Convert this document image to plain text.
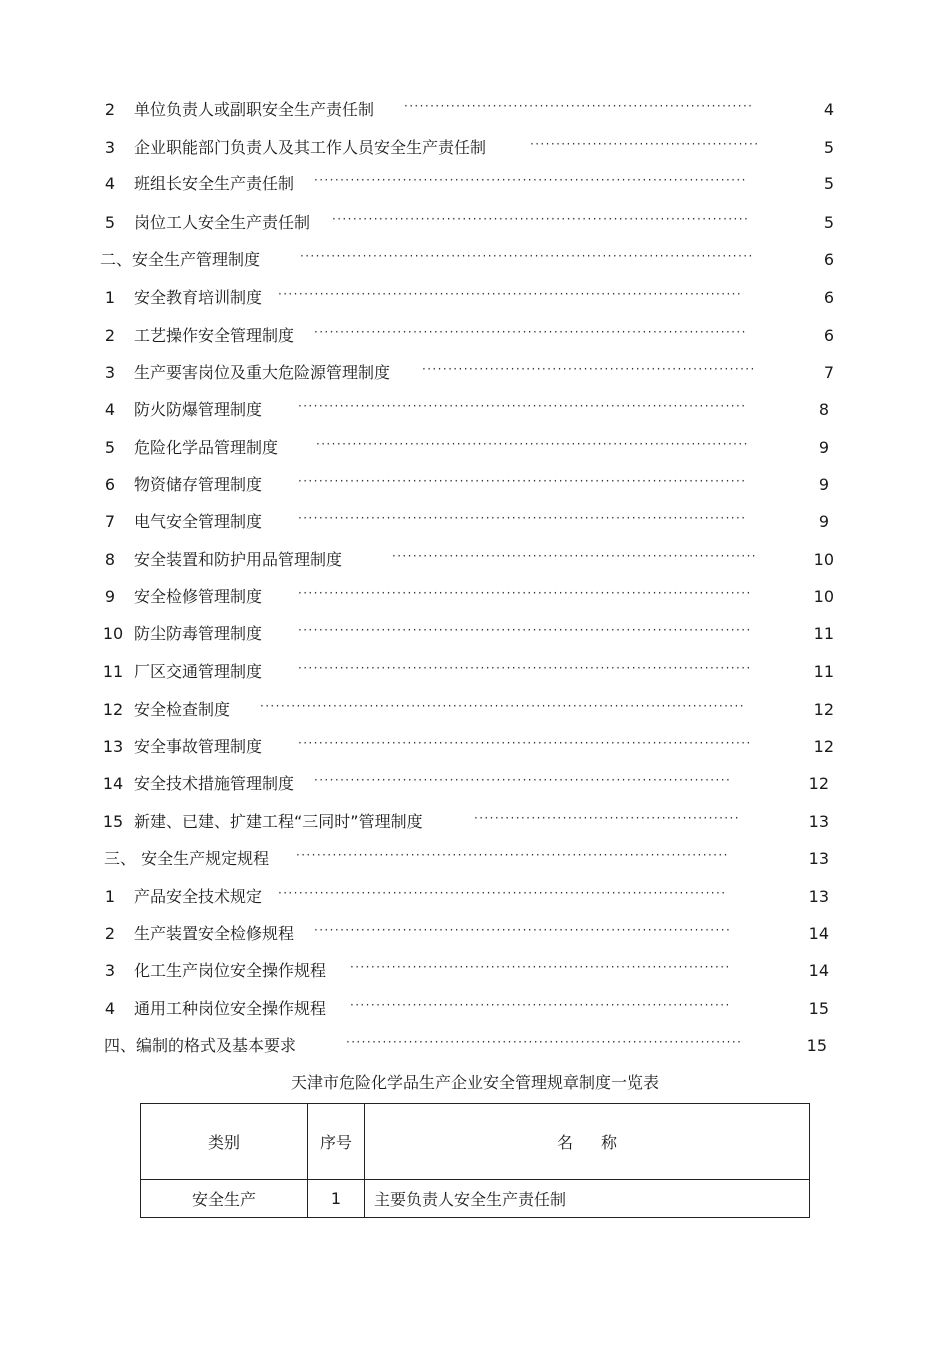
2	单位负责人或副职安全生产责任制 ···································································	4
3	企业职能部门负责人及其工作人员安全生产责任制	············································	5
4	班组长安全生产责任制 ···················································································	5
5	岗位工人安全生产责任制 ················································································	5
二、安全生产管理制度	·······················································································	6
1	安全教育培训制度 ·························································································	6
2	工艺操作安全管理制度 ···················································································	6
3	生产要害岗位及重大危险源管理制度	································································	7
4	防火防爆管理制度	······················································································	8
5	危险化学品管理制度	···················································································	9
6	物资储存管理制度	······················································································	9
7	电气安全管理制度	······················································································	9
8	安全装置和防护用品管理制度	······································································	10
9	安全检修管理制度	·······················································································	10
10 防尘防毒管理制度	·······················································································	11
11 厂区交通管理制度	·······················································································	11
12 安全检查制度 ·····························································································	12
13 安全事故管理制度	·······················································································	12
14 安全技术措施管理制度 ················································································	12
15 新建、已建、扩建工程“三同时”管理制度	···················································	13
三、 安全生产规定规程 ···················································································	13
1	产品安全技术规定 ······················································································	13
2	生产装置安全检修规程 ················································································	14
3	化工生产岗位安全操作规程 ·········································································	14
4	通用工种岗位安全操作规程 ·········································································	15
四、编制的格式及基本要求	············································································	15
天津市危险化学品生产企业安全管理规章制度一览表
类别	序号	名称
安全生产	1	主要负责人安全生产责任制
